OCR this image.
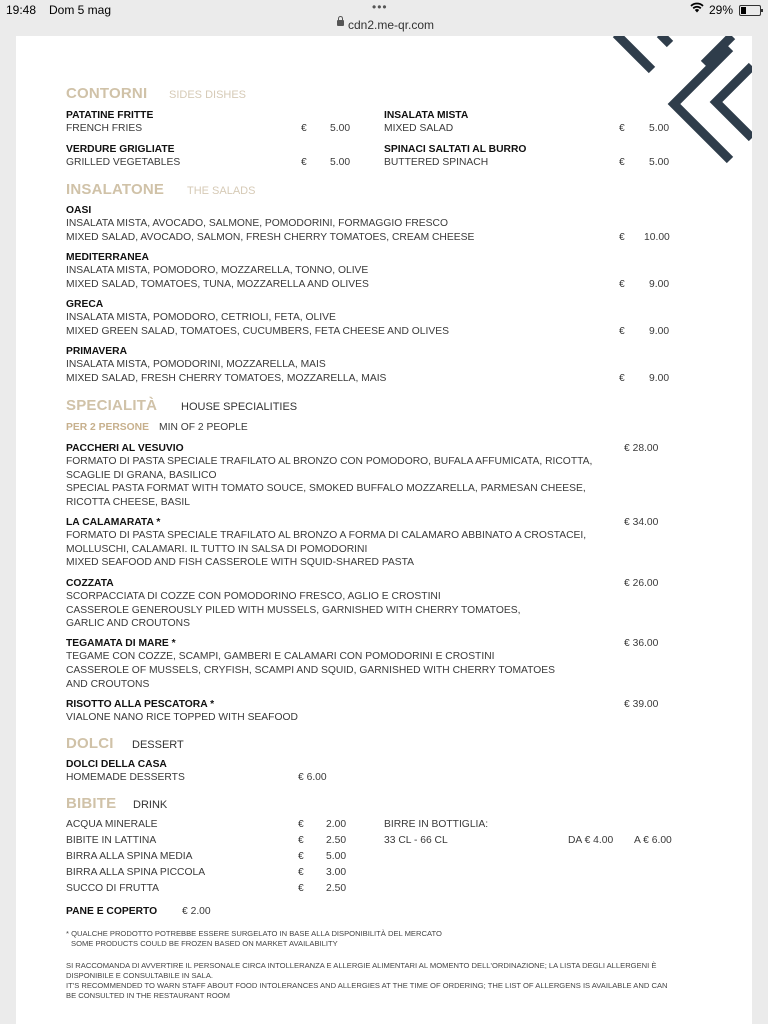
19:48 Dom 5 mag	•••	29%
cdn2.me-qr.com
CONTORNI SIDES DISHES
PATATINE FRITTE
FRENCH FRIES	€ 5.00
VERDURE GRIGLIATE
GRILLED VEGETABLES	€ 5.00
INSALATA MISTA
MIXED SALAD	€ 5.00
SPINACI SALTATI AL BURRO
BUTTERED SPINACH	€ 5.00
INSALATONE THE SALADS
OASI
INSALATA MISTA, AVOCADO, SALMONE, POMODORINI, FORMAGGIO FRESCO
MIXED SALAD, AVOCADO, SALMON, FRESH CHERRY TOMATOES, CREAM CHEESE	€ 10.00
MEDITERRANEA
INSALATA MISTA, POMODORO, MOZZARELLA, TONNO, OLIVE
MIXED SALAD, TOMATOES, TUNA, MOZZARELLA AND OLIVES	€ 9.00
GRECA
INSALATA MISTA, POMODORO, CETRIOLI, FETA, OLIVE
MIXED GREEN SALAD, TOMATOES, CUCUMBERS, FETA CHEESE AND OLIVES	€ 9.00
PRIMAVERA
INSALATA MISTA, POMODORINI, MOZZARELLA, MAIS
MIXED SALAD, FRESH CHERRY TOMATOES, MOZZARELLA, MAIS	€ 9.00
SPECIALITÀ HOUSE SPECIALITIES
PER 2 PERSONE MIN OF 2 PEOPLE
PACCHERI AL VESUVIO	€ 28.00
FORMATO DI PASTA SPECIALE TRAFILATO AL BRONZO CON POMODORO, BUFALA AFFUMICATA, RICOTTA,
SCAGLIE DI GRANA, BASILICO
SPECIAL PASTA FORMAT WITH TOMATO SOUCE, SMOKED BUFFALO MOZZARELLA, PARMESAN CHEESE,
RICOTTA CHEESE, BASIL
LA CALAMARATA *	€ 34.00
FORMATO DI PASTA SPECIALE TRAFILATO AL BRONZO A FORMA DI CALAMARO ABBINATO A CROSTACEI,
MOLLUSCHI, CALAMARI. IL TUTTO IN SALSA DI POMODORINI
MIXED SEAFOOD AND FISH CASSEROLE WITH SQUID-SHARED PASTA
COZZATA	€ 26.00
SCORPACCIATA DI COZZE CON POMODORINO FRESCO, AGLIO E CROSTINI
CASSEROLE GENEROUSLY PILED WITH MUSSELS, GARNISHED WITH CHERRY TOMATOES,
GARLIC AND CROUTONS
TEGAMATA DI MARE *	€ 36.00
TEGAME CON COZZE, SCAMPI, GAMBERI E CALAMARI CON POMODORINI E CROSTINI
CASSEROLE OF MUSSELS, CRYFISH, SCAMPI AND SQUID, GARNISHED WITH CHERRY TOMATOES
AND CROUTONS
RISOTTO ALLA PESCATORA *	€ 39.00
VIALONE NANO RICE TOPPED WITH SEAFOOD
DOLCI DESSERT
DOLCI DELLA CASA
HOMEMADE DESSERTS	€ 6.00
BIBITE DRINK
ACQUA MINERALE	€ 2.00
BIBITE IN LATTINA	€ 2.50
BIRRA ALLA SPINA MEDIA	€ 5.00
BIRRA ALLA SPINA PICCOLA	€ 3.00
SUCCO DI FRUTTA	€ 2.50
BIRRE IN BOTTIGLIA:
33 CL - 66 CL	DA € 4.00 A € 6.00
PANE E COPERTO € 2.00
* QUALCHE PRODOTTO POTREBBE ESSERE SURGELATO IN BASE ALLA DISPONIBILITÀ DEL MERCATO
SOME PRODUCTS COULD BE FROZEN BASED ON MARKET AVAILABILITY
SI RACCOMANDA DI AVVERTIRE IL PERSONALE CIRCA INTOLLERANZA E ALLERGIE ALIMENTARI AL MOMENTO DELL'ORDINAZIONE; LA LISTA DEGLI ALLERGENI È
DISPONIBILE E CONSULTABILE IN SALA.
IT'S RECOMMENDED TO WARN STAFF ABOUT FOOD INTOLERANCES AND ALLERGIES AT THE TIME OF ORDERING; THE LIST OF ALLERGENS IS AVAILABLE AND CAN
BE CONSULTED IN THE RESTAURANT ROOM
